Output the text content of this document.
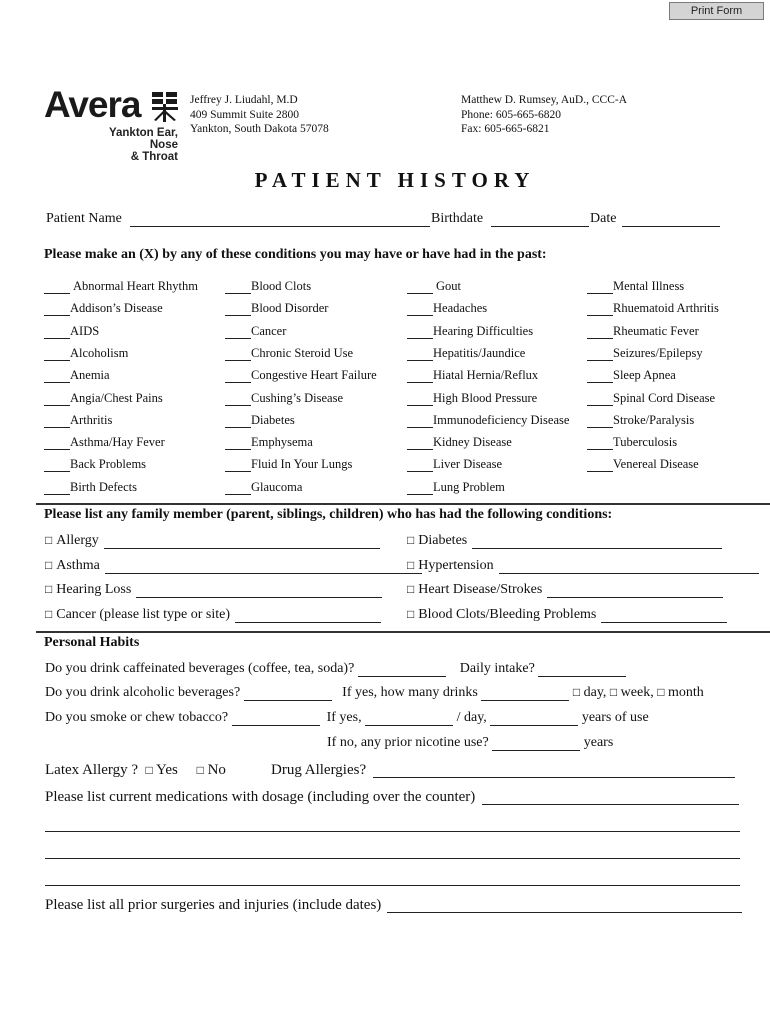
Print Form
Avera
Yankton Ear, Nose
& Throat
Jeffrey J. Liudahl, M.D
409 Summit Suite 2800
Yankton, South Dakota 57078
Matthew D. Rumsey, AuD., CCC-A
Phone: 605-665-6820
Fax: 605-665-6821
PATIENT HISTORY
Patient Name	Birthdate	Date
Please make an (X) by any of these conditions you may have or have had in the past:
Abnormal Heart Rhythm
Addison’s Disease
AIDS
Alcoholism
Anemia
Angia/Chest Pains
Arthritis
Asthma/Hay Fever
Back Problems
Birth Defects
Blood Clots
Blood Disorder
Cancer
Chronic Steroid Use
Congestive Heart Failure
Cushing’s Disease
Diabetes
Emphysema
Fluid In Your Lungs
Glaucoma
Gout
Headaches
Hearing Difficulties
Hepatitis/Jaundice
Hiatal Hernia/Reflux
High Blood Pressure
Immunodeficiency Disease
Kidney Disease
Liver Disease
Lung Problem
Mental Illness
Rhuematoid Arthritis
Rheumatic Fever
Seizures/Epilepsy
Sleep Apnea
Spinal Cord Disease
Stroke/Paralysis
Tuberculosis
Venereal Disease
Please list any family member (parent, siblings, children) who has had the following conditions:
□ Allergy
□ Asthma
□ Hearing Loss
□ Cancer (please list type or site)
□ Diabetes
□ Hypertension
□ Heart Disease/Strokes
□ Blood Clots/Bleeding Problems
Personal Habits
Do you drink caffeinated beverages (coffee, tea, soda)?	Daily intake?
Do you drink alcoholic beverages?	If yes, how many drinks	□ day, □ week, □ month
Do you smoke or chew tobacco?	If yes,	/ day,	years of use
If no, any prior nicotine use?	years
Latex Allergy ? □ Yes □ No	Drug Allergies?
Please list current medications with dosage (including over the counter)
Please list all prior surgeries and injuries (include dates)
